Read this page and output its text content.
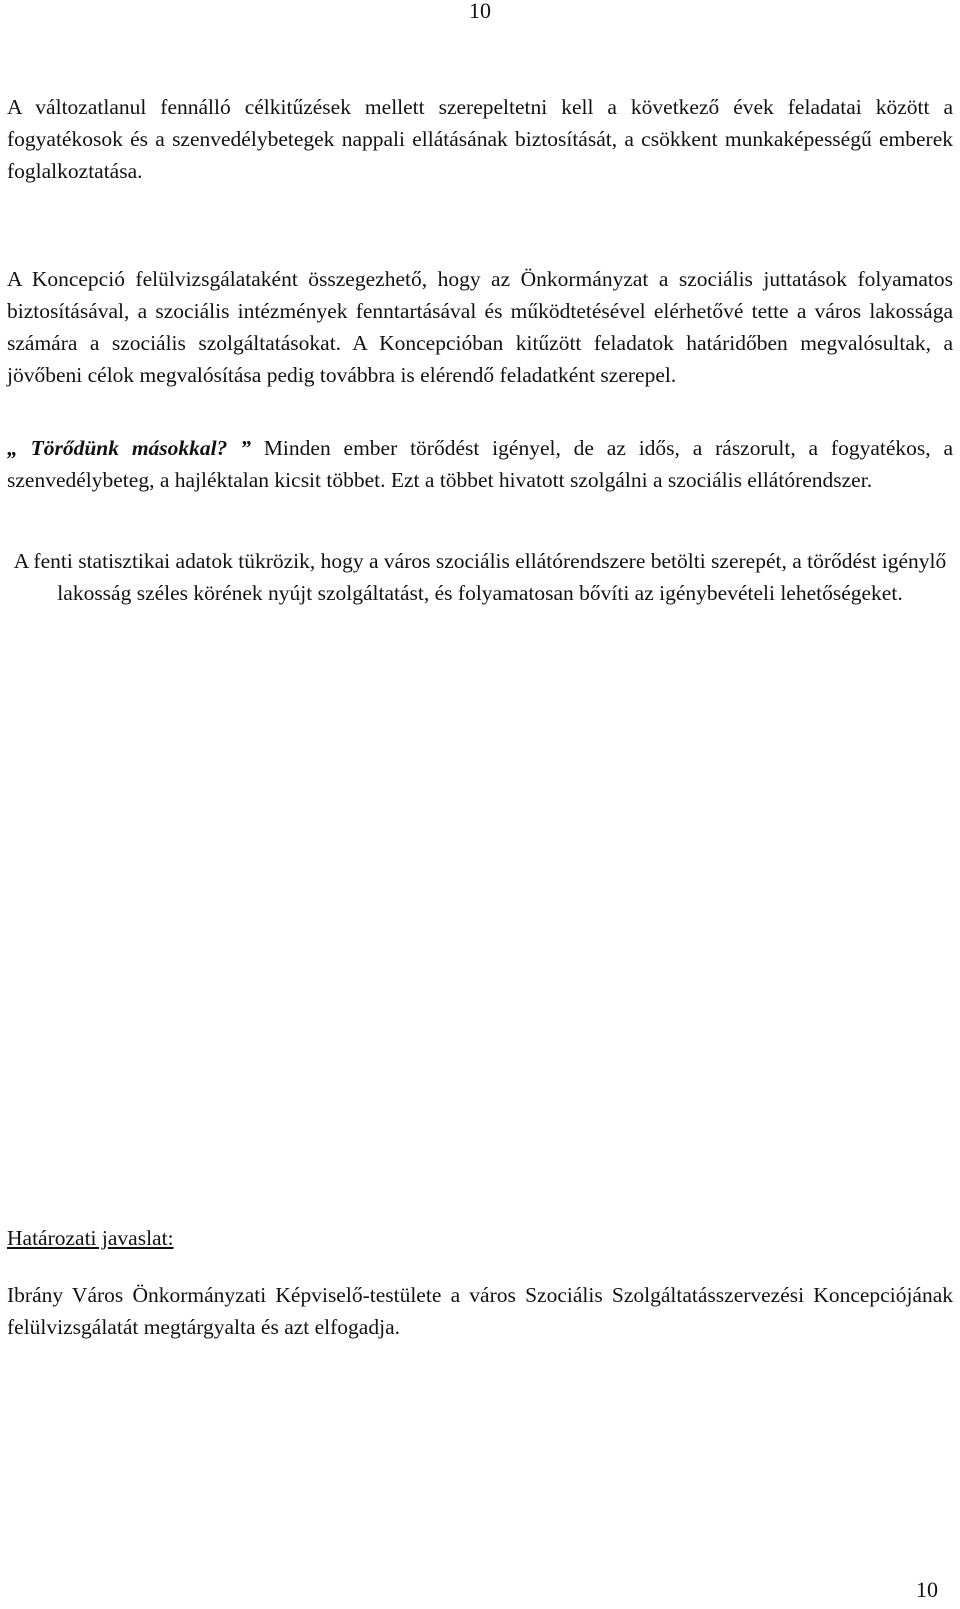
10

A változatlanul fennálló célkitűzések mellett szerepeltetni kell a következő évek feladatai között a fogyatékosok és a szenvedélybetegek nappali ellátásának biztosítását, a csökkent munkaképességű emberek foglalkoztatása.

A Koncepció felülvizsgálataként összegezhető, hogy az Önkormányzat a szociális juttatások folyamatos biztosításával, a szociális intézmények fenntartásával és működtetésével elérhetővé tette a város lakossága számára a szociális szolgáltatásokat. A Koncepcióban kitűzött feladatok határidőben megvalósultak, a jövőbeni célok megvalósítása pedig továbbra is elérendő feladatként szerepel.

„ Törődünk másokkal? ” Minden ember törődést igényel, de az idős, a rászorult, a fogyatékos, a szenvedélybeteg, a hajléktalan kicsit többet. Ezt a többet hivatott szolgálni a szociális ellátórendszer.

A fenti statisztikai adatok tükrözik, hogy a város szociális ellátórendszere betölti szerepét, a törődést igénylő lakosság széles körének nyújt szolgáltatást, és folyamatosan bővíti az igénybevételi lehetőségeket.

Határozati javaslat:

Ibrány Város Önkormányzati Képviselő-testülete a város Szociális Szolgáltatásszervezési Koncepciójának felülvizsgálatát megtárgyalta és azt elfogadja.

10
